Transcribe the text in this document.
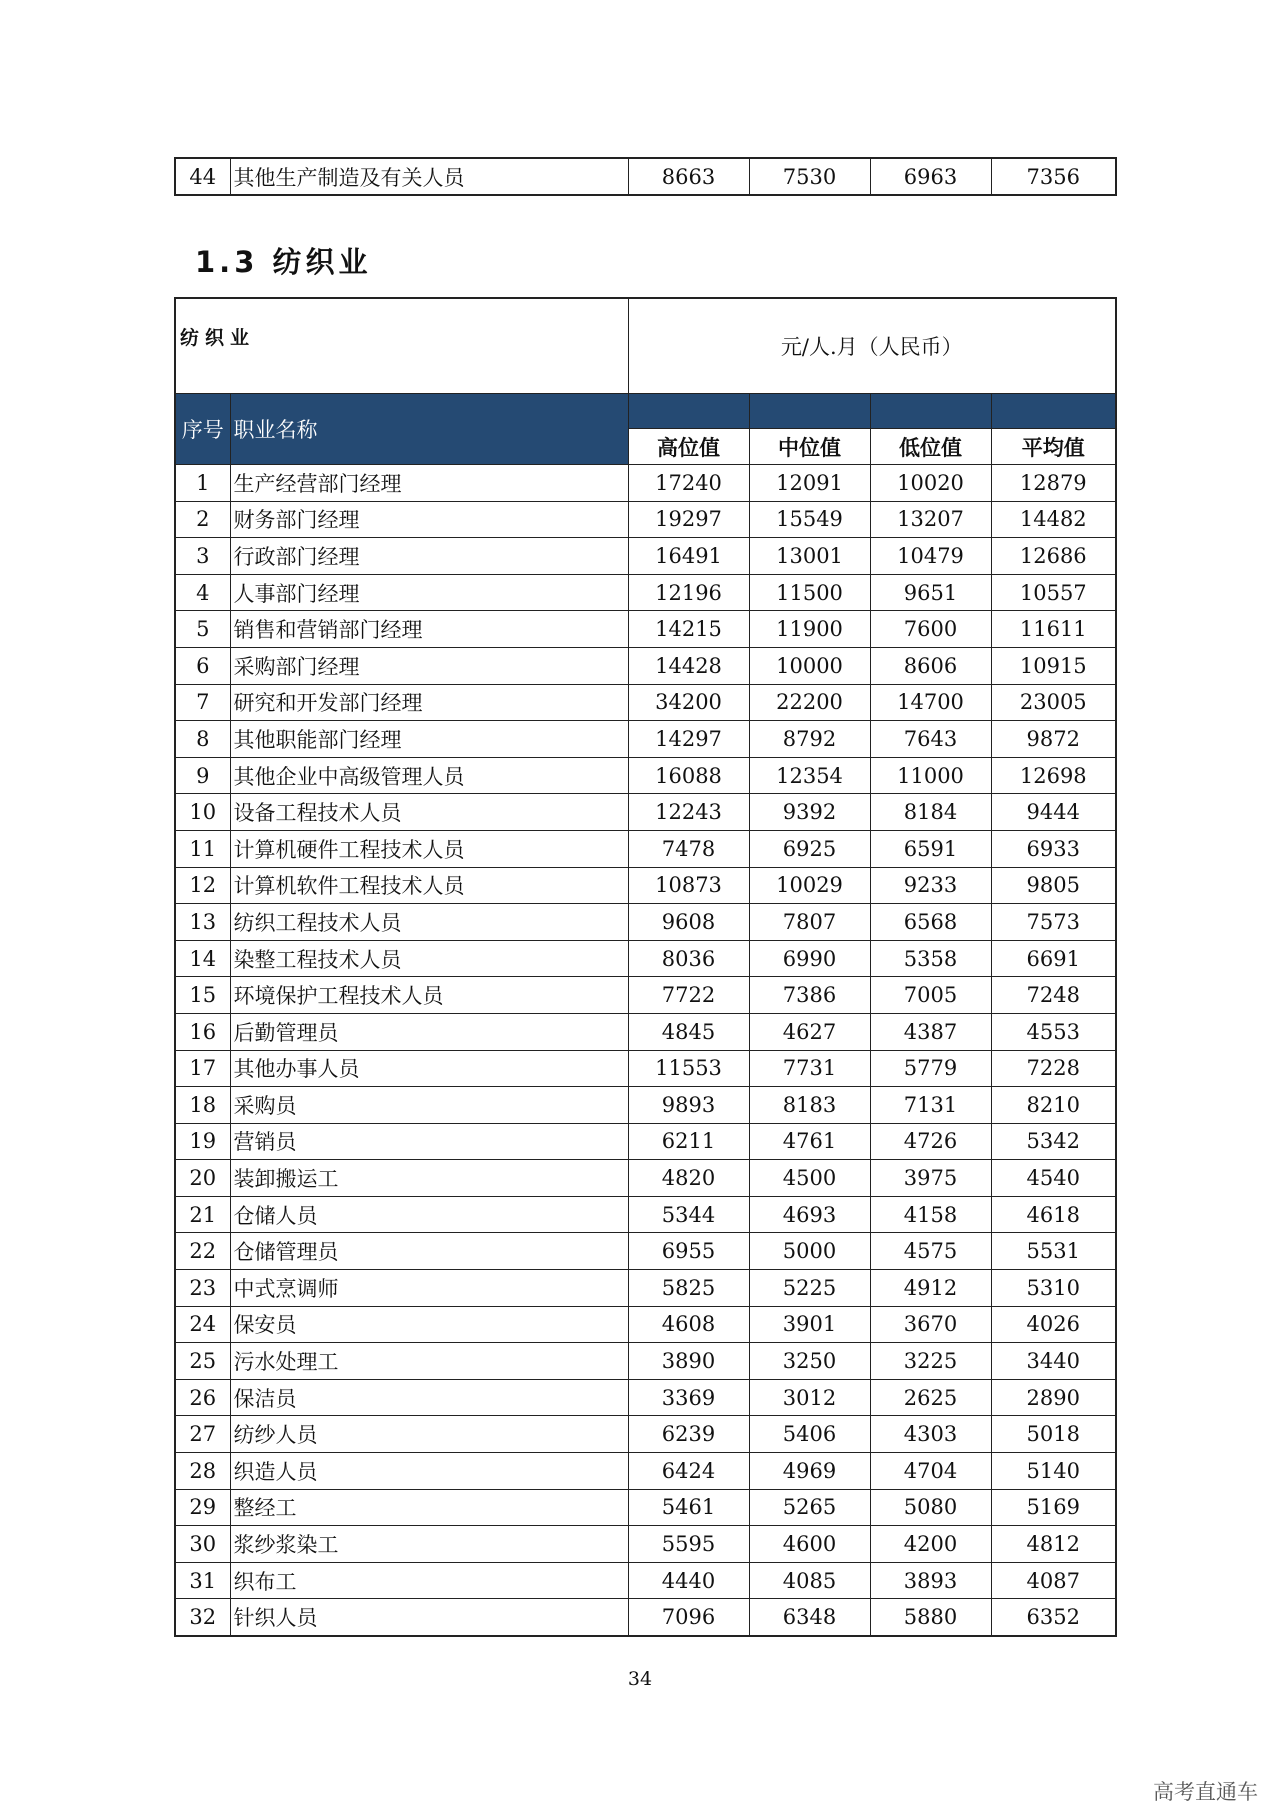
44	其他生产制造及有关人员	8663	7530	6963	7356
1.3 纺织业
纺织业		元/人.月（人民币）			
序号	职业名称				
		高位值	中位值	低位值	平均值
1	生产经营部门经理	17240	12091	10020	12879
2	财务部门经理	19297	15549	13207	14482
3	行政部门经理	16491	13001	10479	12686
4	人事部门经理	12196	11500	9651	10557
5	销售和营销部门经理	14215	11900	7600	11611
6	采购部门经理	14428	10000	8606	10915
7	研究和开发部门经理	34200	22200	14700	23005
8	其他职能部门经理	14297	8792	7643	9872
9	其他企业中高级管理人员	16088	12354	11000	12698
10	设备工程技术人员	12243	9392	8184	9444
11	计算机硬件工程技术人员	7478	6925	6591	6933
12	计算机软件工程技术人员	10873	10029	9233	9805
13	纺织工程技术人员	9608	7807	6568	7573
14	染整工程技术人员	8036	6990	5358	6691
15	环境保护工程技术人员	7722	7386	7005	7248
16	后勤管理员	4845	4627	4387	4553
17	其他办事人员	11553	7731	5779	7228
18	采购员	9893	8183	7131	8210
19	营销员	6211	4761	4726	5342
20	装卸搬运工	4820	4500	3975	4540
21	仓储人员	5344	4693	4158	4618
22	仓储管理员	6955	5000	4575	5531
23	中式烹调师	5825	5225	4912	5310
24	保安员	4608	3901	3670	4026
25	污水处理工	3890	3250	3225	3440
26	保洁员	3369	3012	2625	2890
27	纺纱人员	6239	5406	4303	5018
28	织造人员	6424	4969	4704	5140
29	整经工	5461	5265	5080	5169
30	浆纱浆染工	5595	4600	4200	4812
31	织布工	4440	4085	3893	4087
32	针织人员	7096	6348	5880	6352

34

高考直通车
